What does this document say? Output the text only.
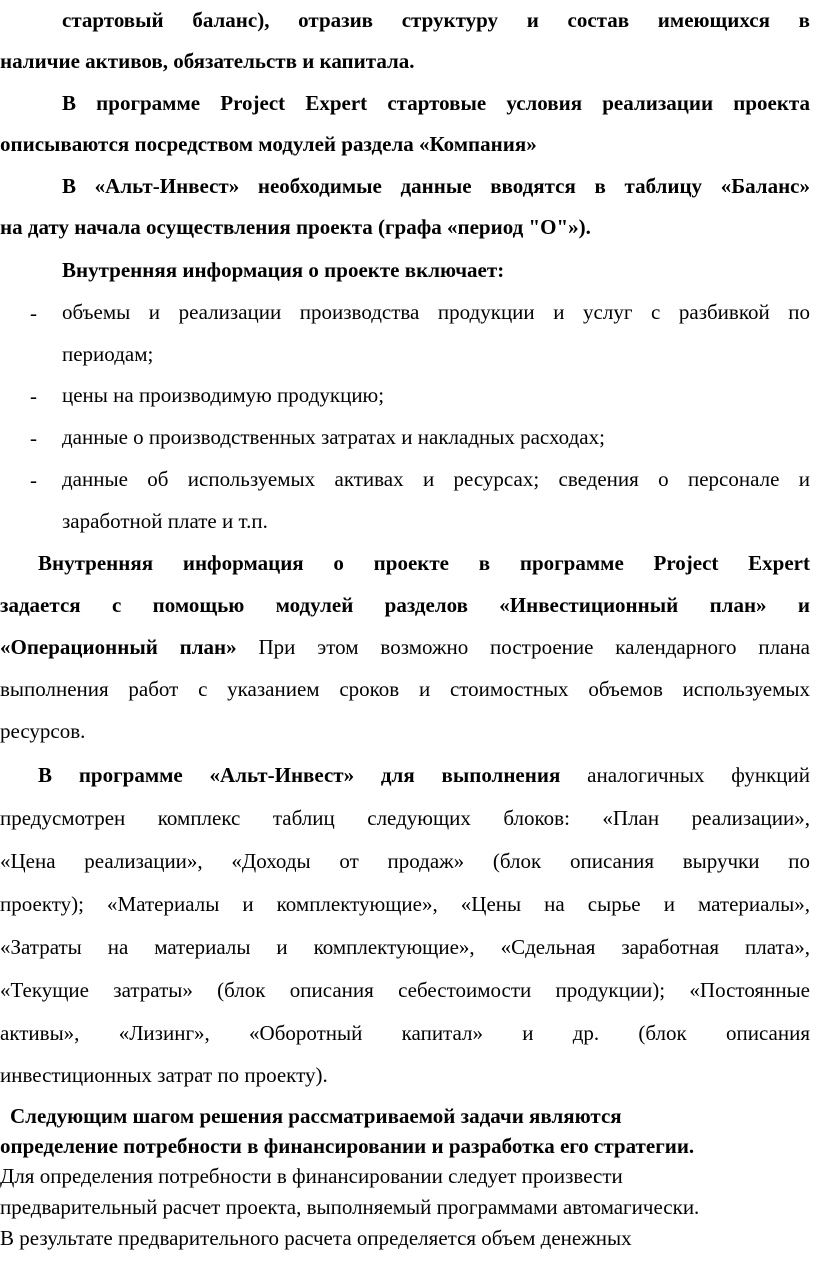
стартовый баланс), отразив структуру и состав имеющихся в
наличие активов, обязательств и капитала.
В программе Project Expert стартовые условия реализации проекта
описываются посредством модулей раздела «Компания»
В «Альт-Инвест» необходимые данные вводятся в таблицу «Баланс»
на дату начала осуществления проекта (графа «период "О"»).
Внутренняя информация о проекте включает:
- объемы и реализации производства продукции и услуг с разбивкой по
периодам;
- цены на производимую продукцию;
- данные о производственных затратах и накладных расходах;
- данные об используемых активах и ресурсах; сведения о персонале и
заработной плате и т.п.
Внутренняя информация о проекте в программе Project Expert
задается с помощью модулей разделов «Инвестиционный план» и
«Операционный план» При этом возможно построение календарного плана
выполнения работ с указанием сроков и стоимостных объемов используемых
ресурсов.
В программе «Альт-Инвест» для выполнения аналогичных функций
предусмотрен комплекс таблиц следующих блоков: «План реализации»,
«Цена реализации», «Доходы от продаж» (блок описания выручки по
проекту); «Материалы и комплектующие», «Цены на сырье и материалы»,
«Затраты на материалы и комплектующие», «Сдельная заработная плата»,
«Текущие затраты» (блок описания себестоимости продукции); «Постоянные
активы», «Лизинг», «Оборотный капитал» и др. (блок описания
инвестиционных затрат по проекту).
Следующим шагом решения рассматриваемой задачи являются
определение потребности в финансировании и разработка его стратегии.
Для определения потребности в финансировании следует произвести
предварительный расчет проекта, выполняемый программами автомагически.
В результате предварительного расчета определяется объем денежных
